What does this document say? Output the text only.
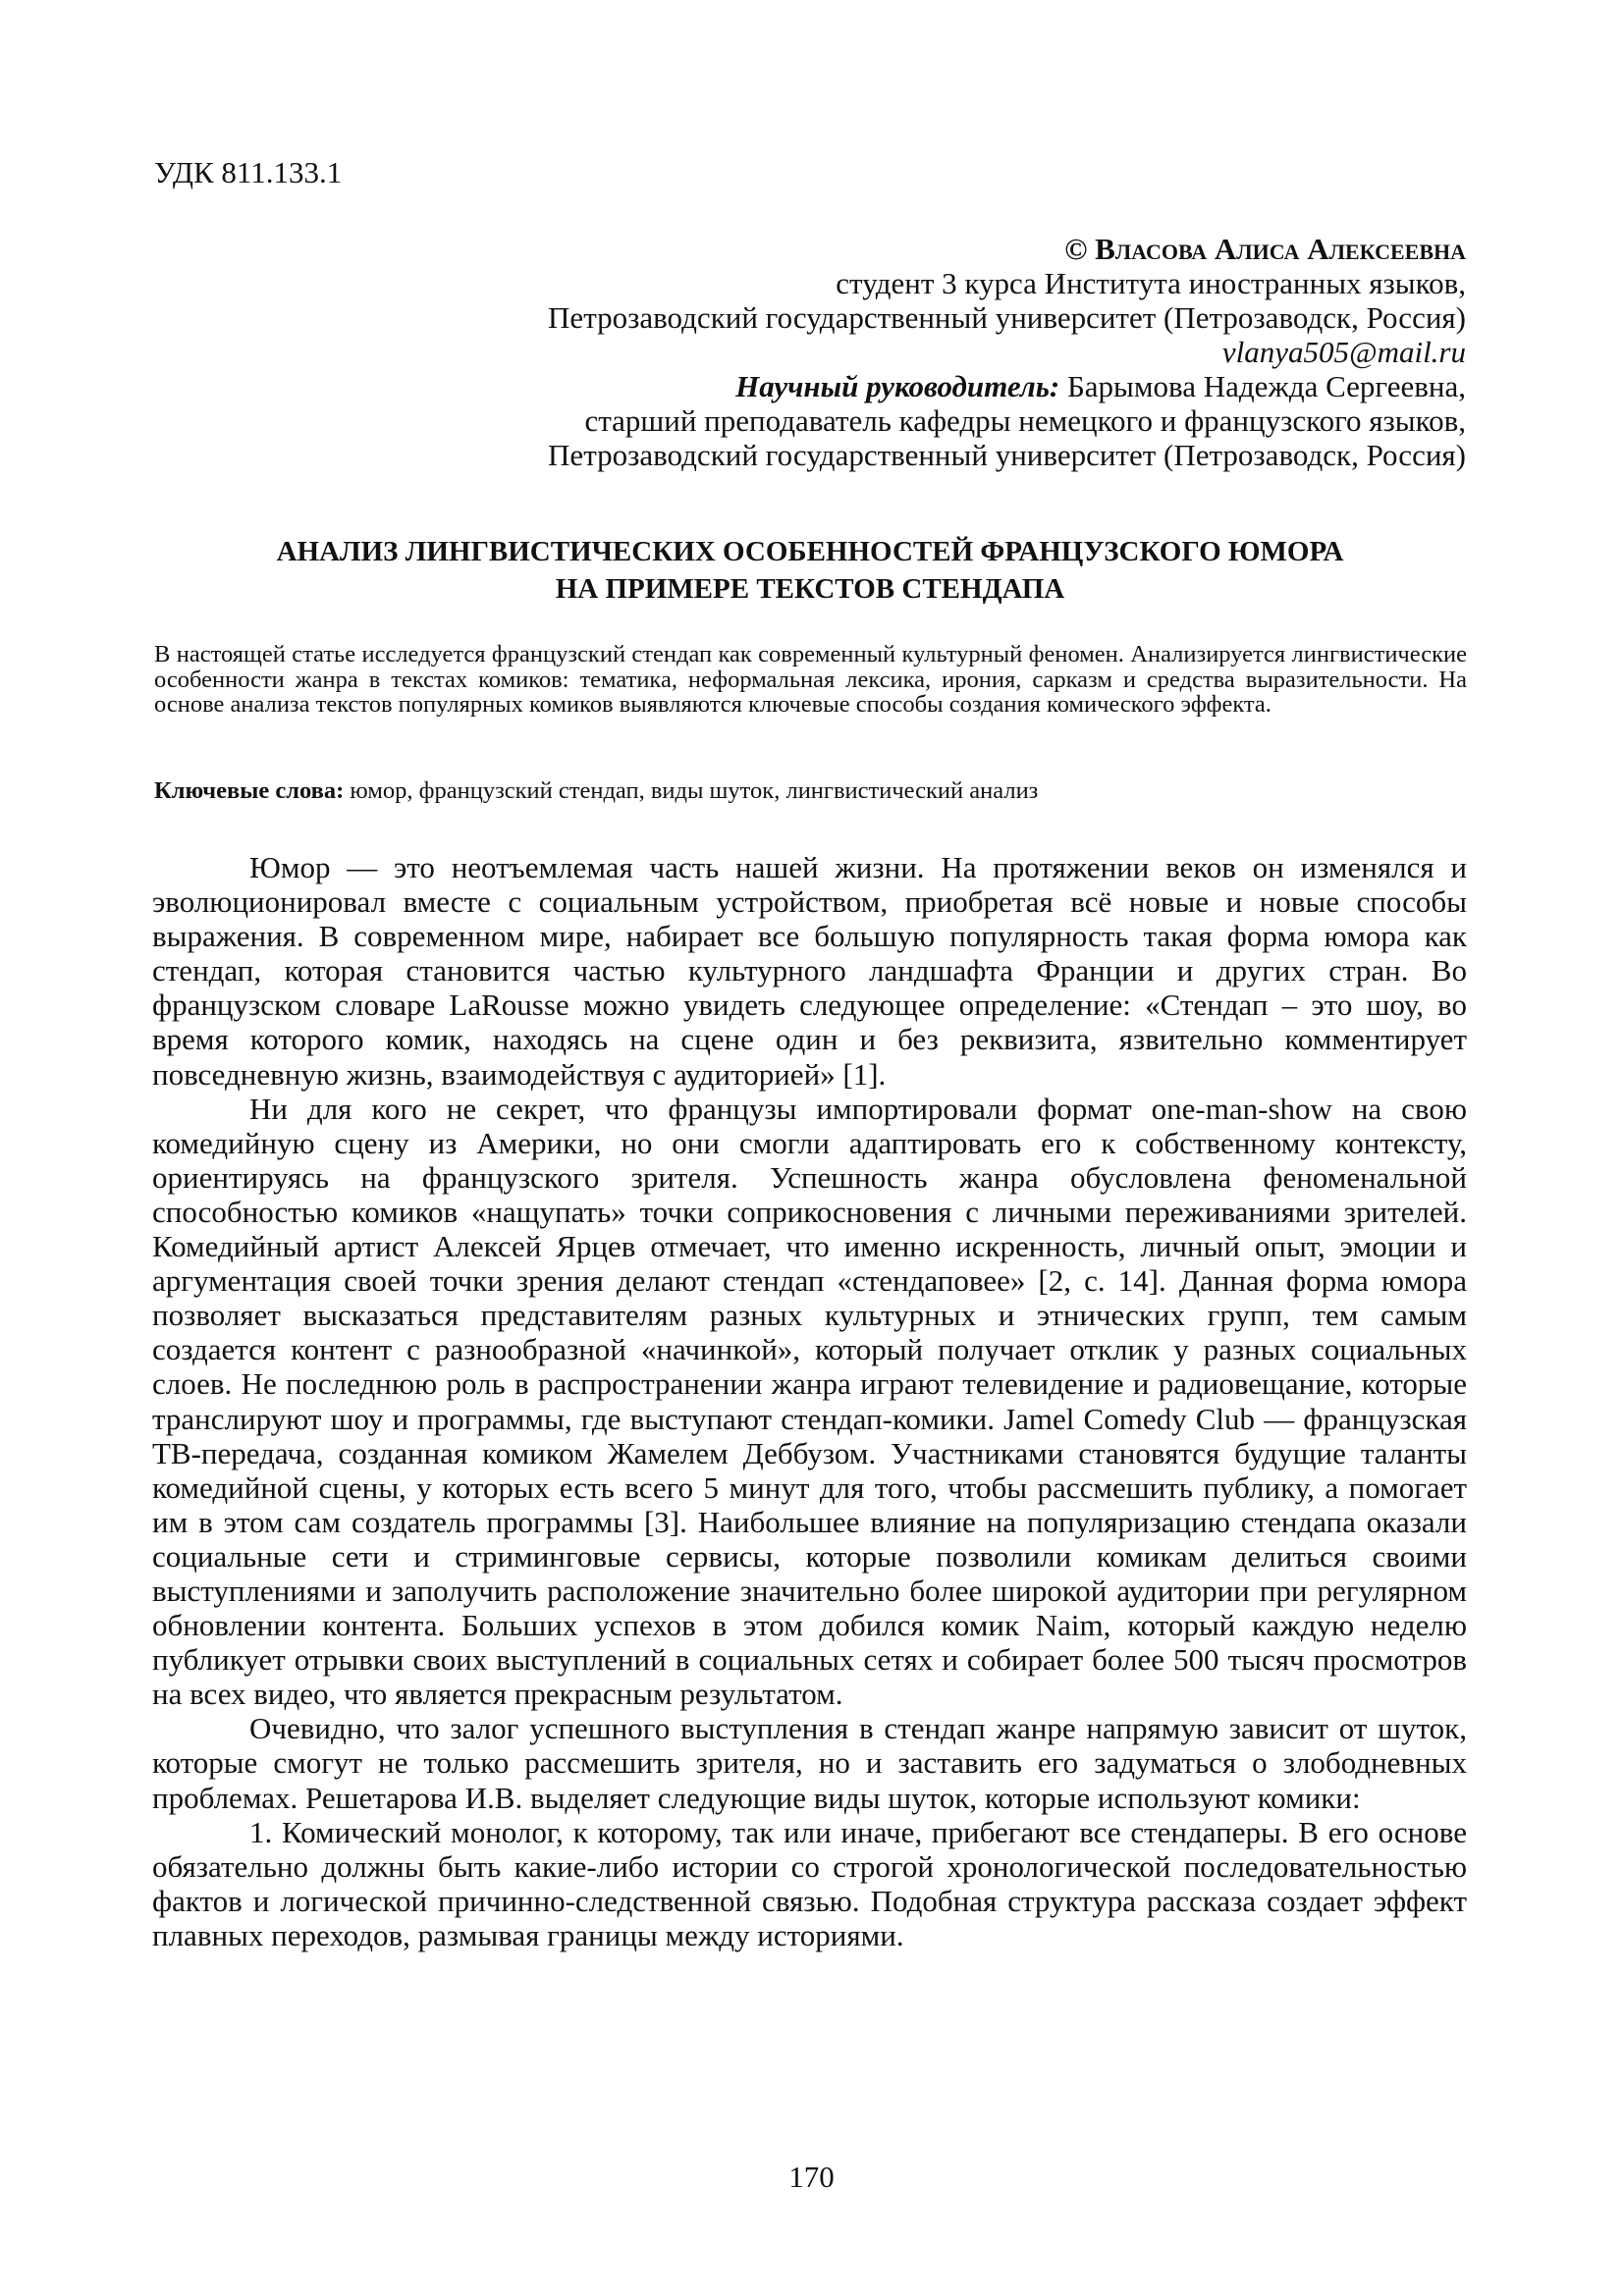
УДК 811.133.1
© Власова Алиса Алексеевна
студент 3 курса Института иностранных языков,
Петрозаводский государственный университет (Петрозаводск, Россия)
vlanya505@mail.ru
Научный руководитель: Барымова Надежда Сергеевна,
старший преподаватель кафедры немецкого и французского языков,
Петрозаводский государственный университет (Петрозаводск, Россия)
АНАЛИЗ ЛИНГВИСТИЧЕСКИХ ОСОБЕННОСТЕЙ ФРАНЦУЗСКОГО ЮМОРА
НА ПРИМЕРЕ ТЕКСТОВ СТЕНДАПА

В настоящей статье исследуется французский стендап как современный культурный феномен. Анализируется лингвистические особенности жанра в текстах комиков: тематика, неформальная лексика, ирония, сарказм и средства выразительности. На основе анализа текстов популярных комиков выявляются ключевые способы создания комического эффекта.

Ключевые слова: юмор, французский стендап, виды шуток, лингвистический анализ

Юмор — это неотъемлемая часть нашей жизни. На протяжении веков он изменялся и эволюционировал вместе с социальным устройством, приобретая всё новые и новые способы выражения. В современном мире, набирает все большую популярность такая форма юмора как стендап, которая становится частью культурного ландшафта Франции и других стран. Во французском словаре LaRousse можно увидеть следующее определение: «Стендап – это шоу, во время которого комик, находясь на сцене один и без реквизита, язвительно комментирует повседневную жизнь, взаимодействуя с аудиторией» [1].

Ни для кого не секрет, что французы импортировали формат one-man-show на свою комедийную сцену из Америки, но они смогли адаптировать его к собственному контексту, ориентируясь на французского зрителя. Успешность жанра обусловлена феноменальной способностью комиков «нащупать» точки соприкосновения с личными переживаниями зрителей. Комедийный артист Алексей Ярцев отмечает, что именно искренность, личный опыт, эмоции и аргументация своей точки зрения делают стендап «стендаповее» [2, с. 14]. Данная форма юмора позволяет высказаться представителям разных культурных и этнических групп, тем самым создается контент с разнообразной «начинкой», который получает отклик у разных социальных слоев. Не последнюю роль в распространении жанра играют телевидение и радиовещание, которые транслируют шоу и программы, где выступают стендап-комики. Jamel Comedy Club — французская ТВ-передача, созданная комиком Жамелем Деббузом. Участниками становятся будущие таланты комедийной сцены, у которых есть всего 5 минут для того, чтобы рассмешить публику, а помогает им в этом сам создатель программы [3]. Наибольшее влияние на популяризацию стендапа оказали социальные сети и стриминговые сервисы, которые позволили комикам делиться своими выступлениями и заполучить расположение значительно более широкой аудитории при регулярном обновлении контента. Больших успехов в этом добился комик Naim, который каждую неделю публикует отрывки своих выступлений в социальных сетях и собирает более 500 тысяч просмотров на всех видео, что является прекрасным результатом.

Очевидно, что залог успешного выступления в стендап жанре напрямую зависит от шуток, которые смогут не только рассмешить зрителя, но и заставить его задуматься о злободневных проблемах. Решетарова И.В. выделяет следующие виды шуток, которые используют комики:

1. Комический монолог, к которому, так или иначе, прибегают все стендаперы. В его основе обязательно должны быть какие-либо истории со строгой хронологической последовательностью фактов и логической причинно-следственной связью. Подобная структура рассказа создает эффект плавных переходов, размывая границы между историями.

170
